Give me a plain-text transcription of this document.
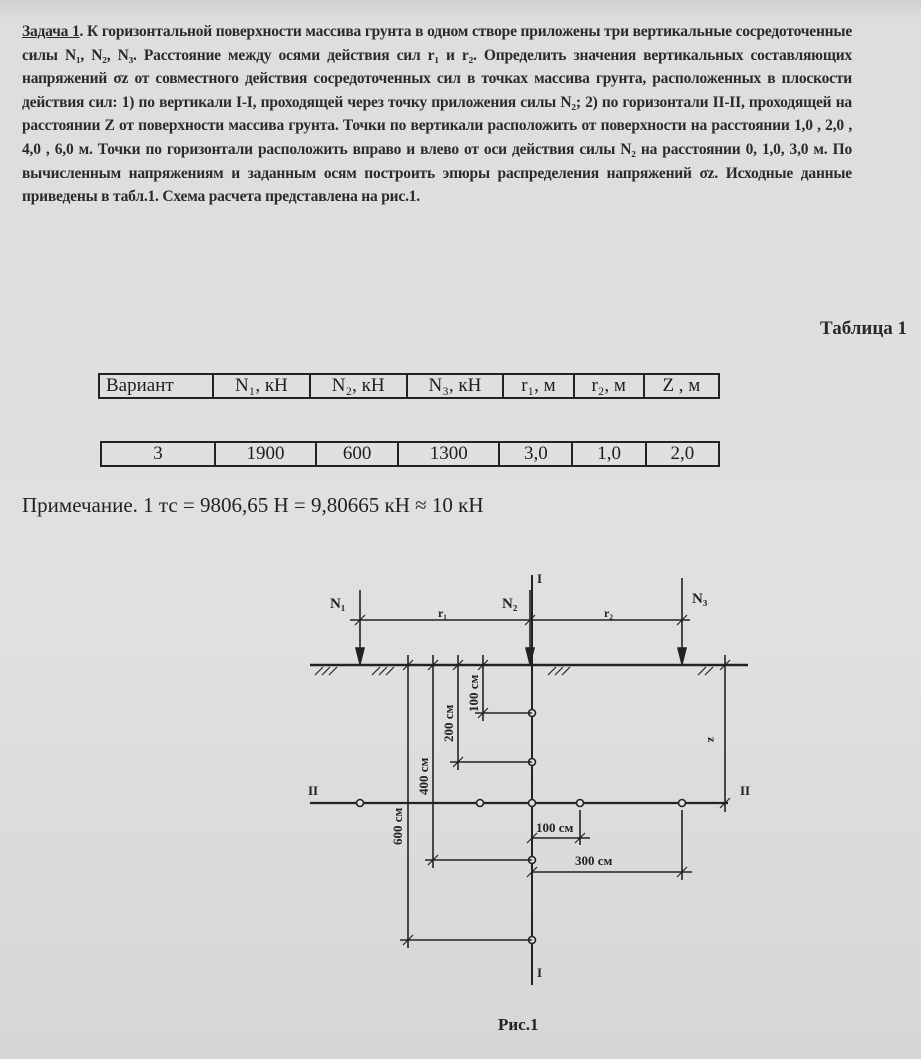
Задача 1. К горизонтальной поверхности массива грунта в одном створе приложены три вертикальные сосредоточенные силы N₁, N₂, N₃. Расстояние между осями действия сил r₁ и r₂. Определить значения вертикальных составляющих напряжений σz от совместного действия сосредоточенных сил в точках массива грунта, расположенных в плоскости действия сил: 1) по вертикали I-I, проходящей через точку приложения силы N₂; 2) по горизонтали II-II, проходящей на расстоянии Z от поверхности массива грунта. Точки по вертикали расположить от поверхности на расстоянии 1,0 , 2,0 , 4,0 , 6,0 м. Точки по горизонтали расположить вправо и влево от оси действия силы N₂ на расстоянии 0, 1,0, 3,0 м. По вычисленным напряжениям и заданным осям построить эпюры распределения напряжений σz. Исходные данные приведены в табл.1. Схема расчета представлена на рис.1.
Таблица 1
Вариант	N₁, кН	N₂, кН	N₃, кН	r₁, м	r₂, м	Z , м
3	1900	600	1300	3,0	1,0	2,0
Примечание. 1 тс = 9806,65 Н = 9,80665 кН ≈ 10 кН
N₁	N₂	N₃
r₁	r₂
I
I
II	II
z
600 см
400 см
200 см
100 см
100 см
300 см
Рис.1
